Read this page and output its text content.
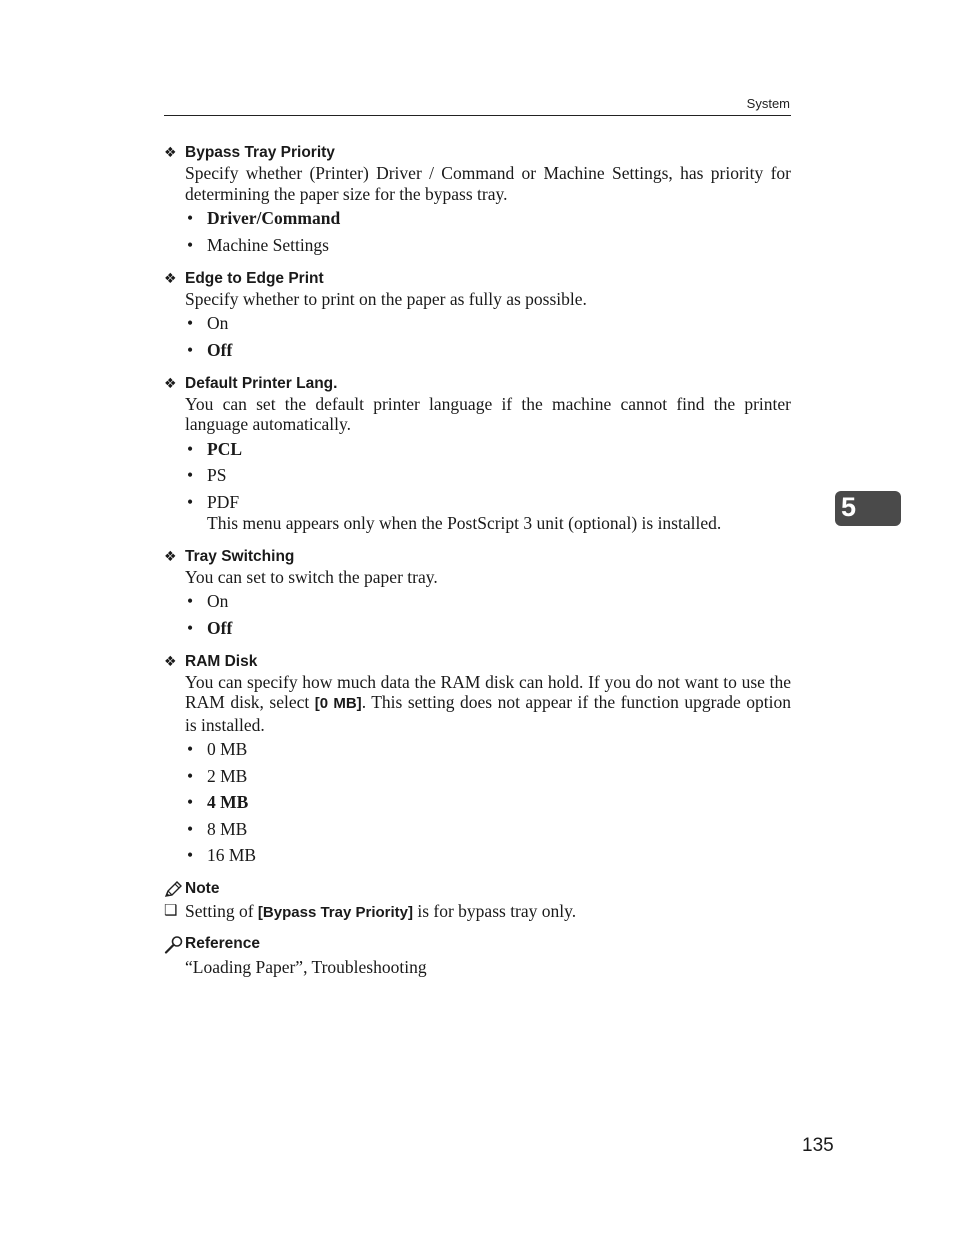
System
5
❖ Bypass Tray Priority
Specify whether (Printer) Driver / Command or Machine Settings, has priority for determining the paper size for the bypass tray.
• Driver/Command
• Machine Settings
❖ Edge to Edge Print
Specify whether to print on the paper as fully as possible.
• On
• Off
❖ Default Printer Lang.
You can set the default printer language if the machine cannot find the printer language automatically.
• PCL
• PS
• PDF
This menu appears only when the PostScript 3 unit (optional) is installed.
❖ Tray Switching
You can set to switch the paper tray.
• On
• Off
❖ RAM Disk
You can specify how much data the RAM disk can hold. If you do not want to use the RAM disk, select [0 MB]. This setting does not appear if the function upgrade option is installed.
• 0 MB
• 2 MB
• 4 MB
• 8 MB
• 16 MB
Note
❑ Setting of [Bypass Tray Priority] is for bypass tray only.
Reference
“Loading Paper”, Troubleshooting
135
